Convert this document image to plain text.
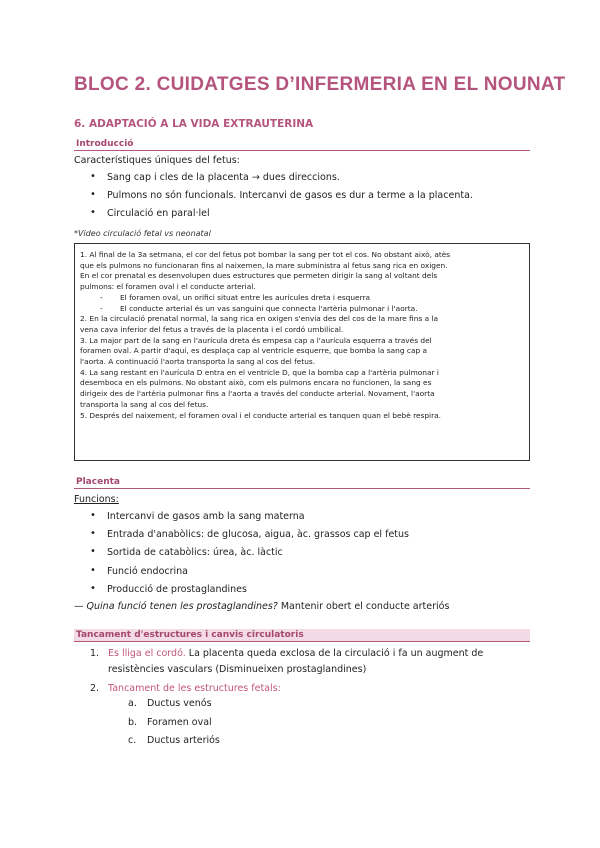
BLOC 2. CUIDATGES D’INFERMERIA EN EL NOUNAT
6. ADAPTACIÓ A LA VIDA EXTRAUTERINA
Introducció
Característiques úniques del fetus:
• Sang cap i cles de la placenta → dues direccions.
• Pulmons no són funcionals. Intercanvi de gasos es dur a terme a la placenta.
• Circulació en paral·lel
*Video circulació fetal vs neonatal

1. Al final de la 3a setmana, el cor del fetus pot bombar la sang per tot el cos. No obstant això, atès

que els pulmons no funcionaran fins al naixemen, la mare subministra al fetus sang rica en oxigen.

En el cor prenatal es desenvolupen dues estructures que permeten dirigir la sang al voltant dels

pulmons: el foramen oval i el conducte arterial.

- El foramen oval, un orifici situat entre les aurícules dreta i esquerra

- El conducte arterial és un vas sanguini que connecta l'artèria pulmonar i l'aorta.

2. En la circulació prenatal normal, la sang rica en oxigen s'envia des del cos de la mare fins a la

vena cava inferior del fetus a través de la placenta i el cordó umbilical.

3. La major part de la sang en l'aurícula dreta és empesa cap a l'aurícula esquerra a través del

foramen oval. A partir d'aquí, es desplaça cap al ventricle esquerre, que bomba la sang cap a

l'aorta. A continuació l'aorta transporta la sang al cos del fetus.

4. La sang restant en l'aurícula D entra en el ventricle D, que la bomba cap a l'artèria pulmonar i

desemboca en els pulmons. No obstant això, com els pulmons encara no funcionen, la sang es

dirigeix des de l'artèria pulmonar fins a l'aorta a través del conducte arterial. Novament, l'aorta

transporta la sang al cos del fetus.

5. Després del naixement, el foramen oval i el conducte arterial es tanquen quan el bebè respira.

Placenta
Funcions:
• Intercanvi de gasos amb la sang materna
• Entrada d'anabòlics: de glucosa, aigua, àc. grassos cap el fetus
• Sortida de catabòlics: úrea, àc. làctic
• Funció endocrina
• Producció de prostaglandines
— Quina funció tenen les prostaglandines? Mantenir obert el conducte arteriós
Tancament d'estructures i canvis circulatoris
1. Es lliga el cordó. La placenta queda exclosa de la circulació i fa un augment de
resistències vasculars (Disminueixen prostaglandines)
2. Tancament de les estructures fetals:
a. Ductus venós
b. Foramen oval
c. Ductus arteriós
